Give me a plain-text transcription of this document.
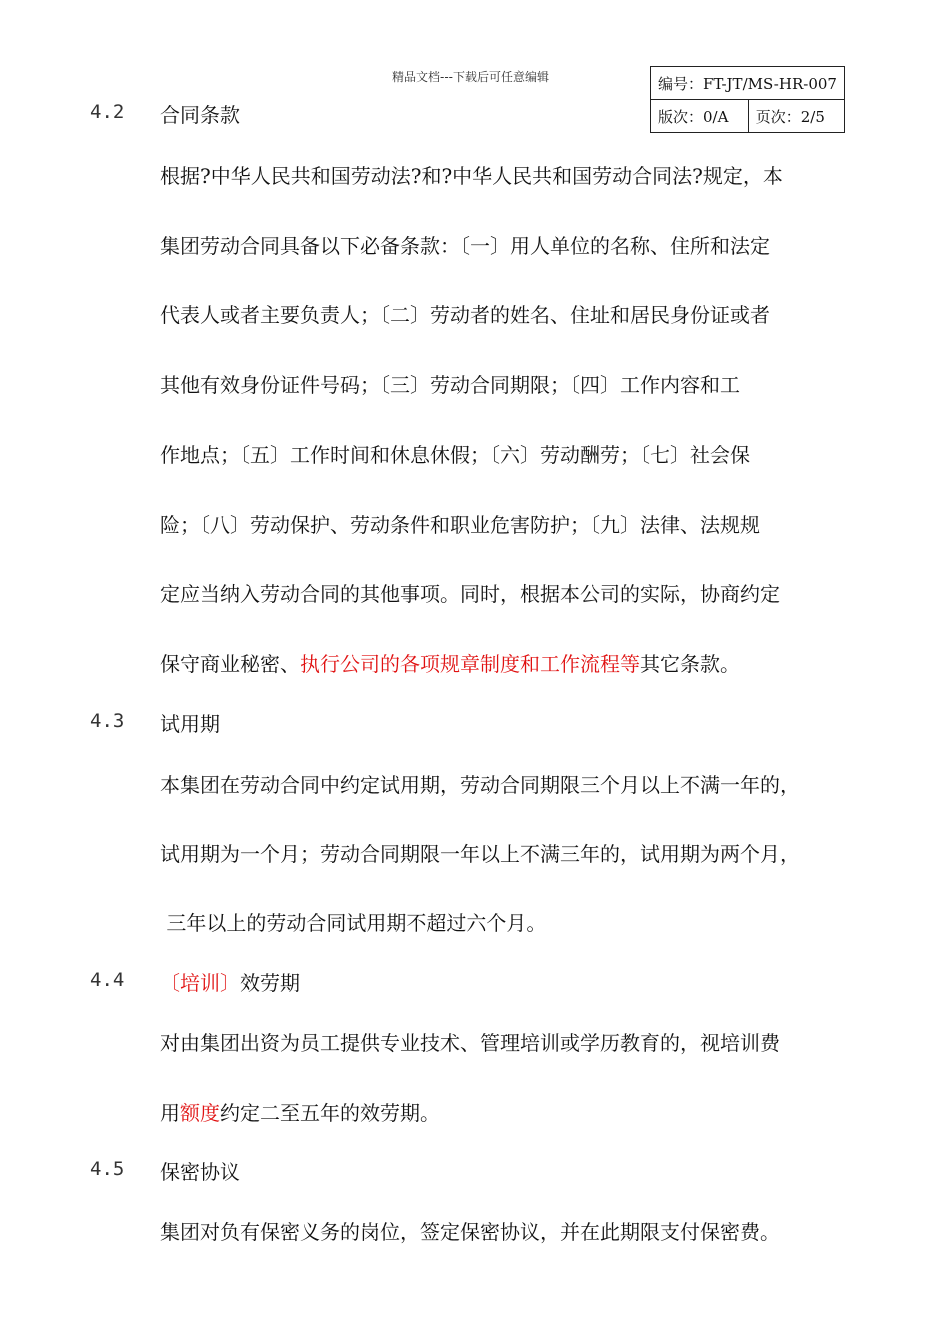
精品文档---下载后可任意编辑	编号：FT-JT/MS-HR-007
版次：0/A	页次：2/5
4.2 合同条款
根据?中华人民共和国劳动法?和?中华人民共和国劳动合同法?规定，本
集团劳动合同具备以下必备条款：〔一〕用人单位的名称、住所和法定
代表人或者主要负责人；〔二〕劳动者的姓名、住址和居民身份证或者
其他有效身份证件号码；〔三〕劳动合同期限；〔四〕工作内容和工
作地点；〔五〕工作时间和休息休假；〔六〕劳动酬劳；〔七〕社会保
险；〔八〕劳动保护、劳动条件和职业危害防护；〔九〕法律、法规规
定应当纳入劳动合同的其他事项。同时，根据本公司的实际，协商约定
保守商业秘密、执行公司的各项规章制度和工作流程等其它条款。
4.3 试用期
本集团在劳动合同中约定试用期，劳动合同期限三个月以上不满一年的，
试用期为一个月；劳动合同期限一年以上不满三年的，试用期为两个月，
三年以上的劳动合同试用期不超过六个月。
4.4 〔培训〕效劳期
对由集团出资为员工提供专业技术、管理培训或学历教育的，视培训费
用额度约定二至五年的效劳期。
4.5 保密协议
集团对负有保密义务的岗位，签定保密协议，并在此期限支付保密费。
